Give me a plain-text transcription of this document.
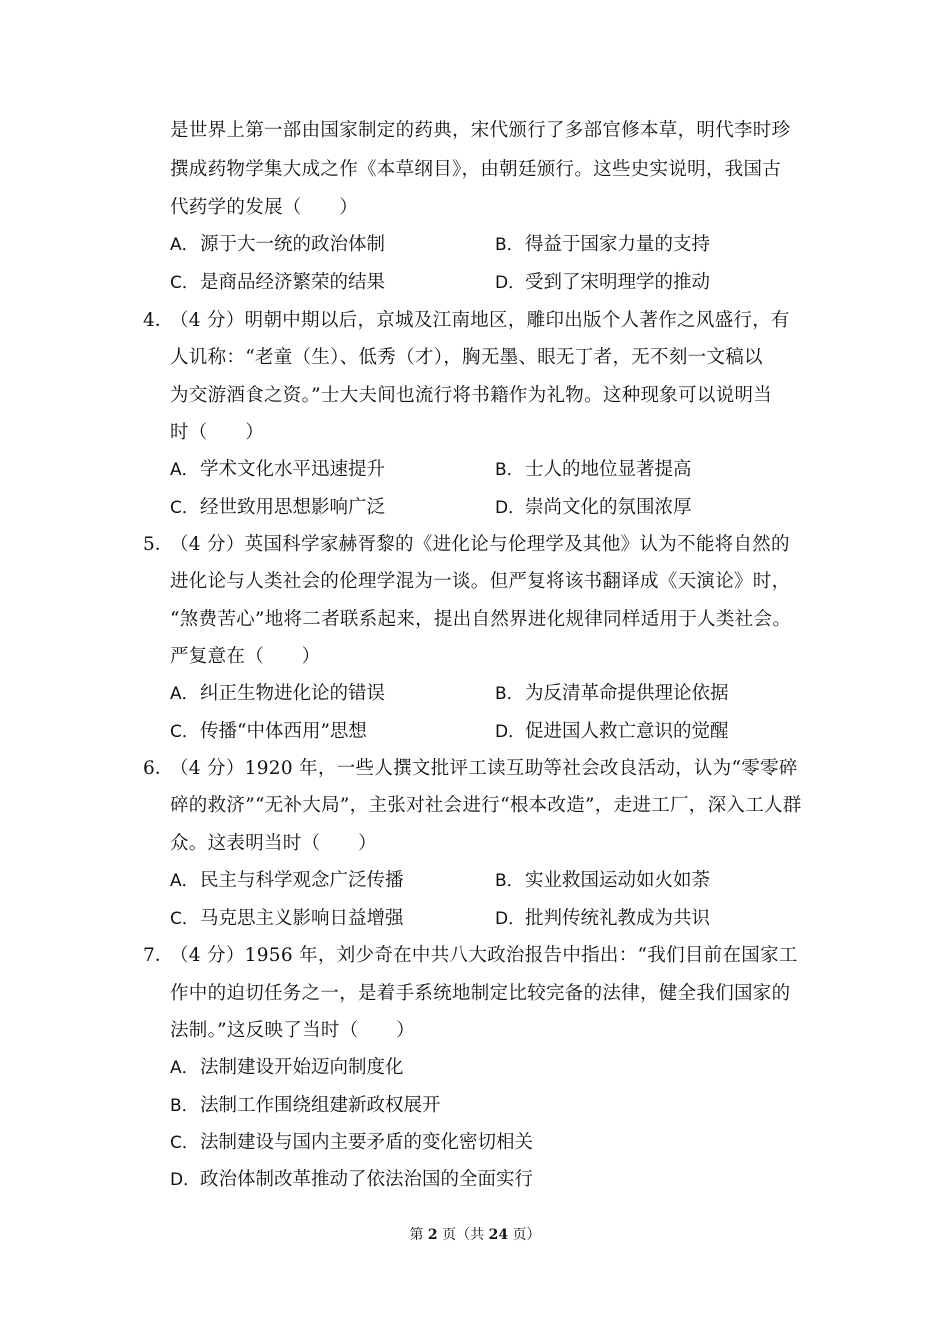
是世界上第一部由国家制定的药典，宋代颁行了多部官修本草，明代李时珍
撰成药物学集大成之作《本草纲目》，由朝廷颁行。这些史实说明，我国古
代药学的发展（　　）
A．源于大一统的政治体制	B．得益于国家力量的支持
C．是商品经济繁荣的结果	D．受到了宋明理学的推动
4．
（4 分）明朝中期以后，京城及江南地区，雕印出版个人著作之风盛行，有
人讥称：“老童（生）、低秀（才），胸无墨、眼无丁者，无不刻一文稿以
为交游酒食之资。”士大夫间也流行将书籍作为礼物。这种现象可以说明当
时（　　）
A．学术文化水平迅速提升	B．士人的地位显著提高
C．经世致用思想影响广泛	D．崇尚文化的氛围浓厚
5．
（4 分）英国科学家赫胥黎的《进化论与伦理学及其他》认为不能将自然的
进化论与人类社会的伦理学混为一谈。但严复将该书翻译成《天演论》时，
“煞费苦心”地将二者联系起来，提出自然界进化规律同样适用于人类社会。
严复意在（　　）
A．纠正生物进化论的错误	B．为反清革命提供理论依据
C．传播“中体西用”思想	D．促进国人救亡意识的觉醒
6．
（4 分）1920 年，一些人撰文批评工读互助等社会改良活动，认为“零零碎
碎的救济”“无补大局”，主张对社会进行“根本改造”，走进工厂，深入工人群
众。这表明当时（　　）
A．民主与科学观念广泛传播	B．实业救国运动如火如荼
C．马克思主义影响日益增强	D．批判传统礼教成为共识
7．
（4 分）1956 年，刘少奇在中共八大政治报告中指出：“我们目前在国家工
作中的迫切任务之一，是着手系统地制定比较完备的法律，健全我们国家的
法制。”这反映了当时（　　）
A．法制建设开始迈向制度化
B．法制工作围绕组建新政权展开
C．法制建设与国内主要矛盾的变化密切相关
D．政治体制改革推动了依法治国的全面实行
第 2 页（共 24 页）
